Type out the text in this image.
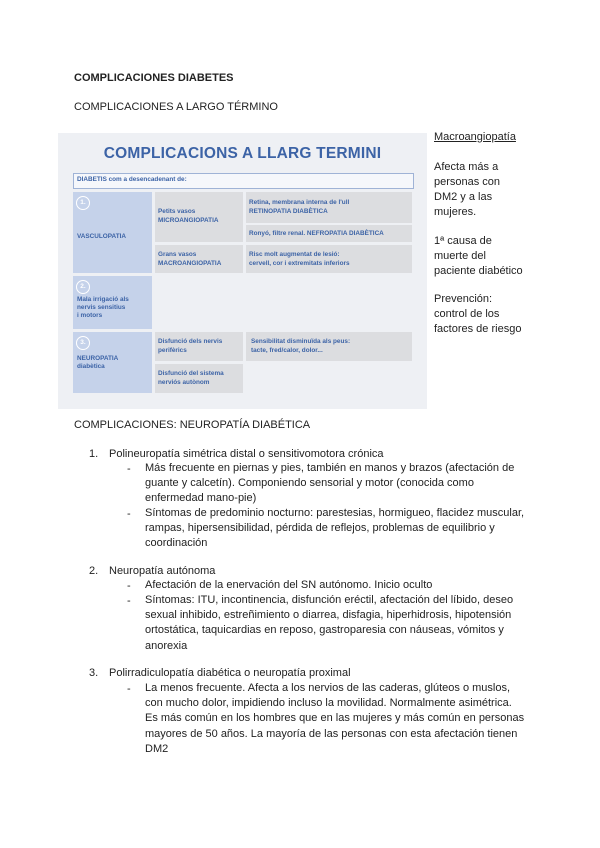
COMPLICACIONES DIABETES
COMPLICACIONES A LARGO TÉRMINO
COMPLICACIONS A LLARG TERMINI
DIABETIS com a desencadenant de:
1.
VASCULOPATIA
Petits vasos
MICROANGIOPATIA
Retina, membrana interna de l'ull
RETINOPATIA DIABÈTICA
Ronyó, filtre renal. NEFROPATIA DIABÈTICA
Grans vasos
MACROANGIOPATIA
Risc molt augmentat de lesió:
cervell, cor i extremitats inferiors
2.
Mala irrigació als
nervis sensitius
i motors
3.
NEUROPATIA
diabètica
Disfunció dels nervis
perifèrics
Sensibilitat disminuïda als peus:
tacte, fred/calor, dolor...
Disfunció del sistema
nerviós autònom
Macroangiopatía
Afecta más a
personas con
DM2 y a las
mujeres.
1ª causa de
muerte del
paciente diabético
Prevención:
control de los
factores de riesgo
COMPLICACIONES: NEUROPATÍA DIABÉTICA
1. Polineuropatía simétrica distal o sensitivomotora crónica
- Más frecuente en piernas y pies, también en manos y brazos (afectación de
guante y calcetín). Componiendo sensorial y motor (conocida como
enfermedad mano-pie)
- Síntomas de predominio nocturno: parestesias, hormigueo, flacidez muscular,
rampas, hipersensibilidad, pérdida de reflejos, problemas de equilibrio y
coordinación
2. Neuropatía autónoma
- Afectación de la enervación del SN autónomo. Inicio oculto
- Síntomas: ITU, incontinencia, disfunción eréctil, afectación del líbido, deseo
sexual inhibido, estreñimiento o diarrea, disfagia, hiperhidrosis, hipotensión
ortostática, taquicardias en reposo, gastroparesia con náuseas, vómitos y
anorexia
3. Polirradiculopatía diabética o neuropatía proximal
- La menos frecuente. Afecta a los nervios de las caderas, glúteos o muslos,
con mucho dolor, impidiendo incluso la movilidad. Normalmente asimétrica.
Es más común en los hombres que en las mujeres y más común en personas
mayores de 50 años. La mayoría de las personas con esta afectación tienen
DM2
